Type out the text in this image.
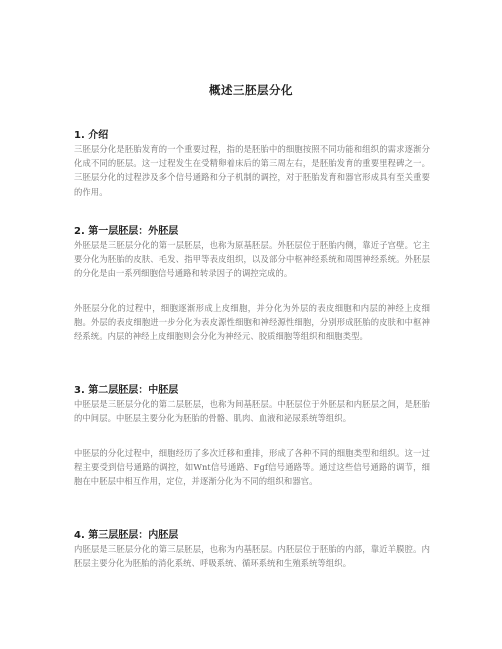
概述三胚层分化
1. 介绍
三胚层分化是胚胎发育的一个重要过程，指的是胚胎中的细胞按照不同功能和组织的需求逐渐分化成不同的胚层。这一过程发生在受精卵着床后的第三周左右，是胚胎发育的重要里程碑之一。三胚层分化的过程涉及多个信号通路和分子机制的调控，对于胚胎发育和器官形成具有至关重要的作用。
2. 第一层胚层：外胚层
外胚层是三胚层分化的第一层胚层，也称为原基胚层。外胚层位于胚胎内侧，靠近子宫壁。它主要分化为胚胎的皮肤、毛发、指甲等表皮组织，以及部分中枢神经系统和周围神经系统。外胚层的分化是由一系列细胞信号通路和转录因子的调控完成的。
外胚层分化的过程中，细胞逐渐形成上皮细胞，并分化为外层的表皮细胞和内层的神经上皮细胞。外层的表皮细胞进一步分化为表皮源性细胞和神经源性细胞，分别形成胚胎的皮肤和中枢神经系统。内层的神经上皮细胞则会分化为神经元、胶质细胞等组织和细胞类型。
3. 第二层胚层：中胚层
中胚层是三胚层分化的第二层胚层，也称为间基胚层。中胚层位于外胚层和内胚层之间，是胚胎的中间层。中胚层主要分化为胚胎的骨骼、肌肉、血液和泌尿系统等组织。
中胚层的分化过程中，细胞经历了多次迁移和重排，形成了各种不同的细胞类型和组织。这一过程主要受到信号通路的调控，如Wnt信号通路、Fgf信号通路等。通过这些信号通路的调节，细胞在中胚层中相互作用，定位，并逐渐分化为不同的组织和器官。
4. 第三层胚层：内胚层
内胚层是三胚层分化的第三层胚层，也称为内基胚层。内胚层位于胚胎的内部，靠近羊膜腔。内胚层主要分化为胚胎的消化系统、呼吸系统、循环系统和生殖系统等组织。
